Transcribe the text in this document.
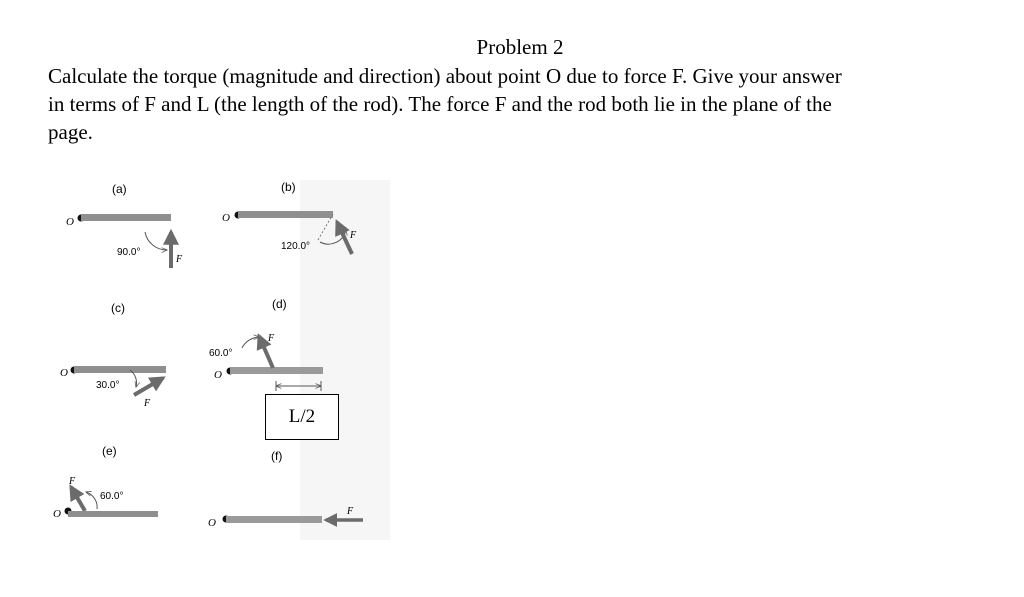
Problem 2
Calculate the torque (magnitude and direction) about point O due to force F. Give your answer
in terms of F and L (the length of the rod). The force F and the rod both lie in the plane of the
page.
(a)
O
90.0°
F
(b)
O
120.0°
F
(c)
O
30.0°
F
(d)
60.0°
O
F
(e)
F
60.0°
O
(f)
O
F
L/2
